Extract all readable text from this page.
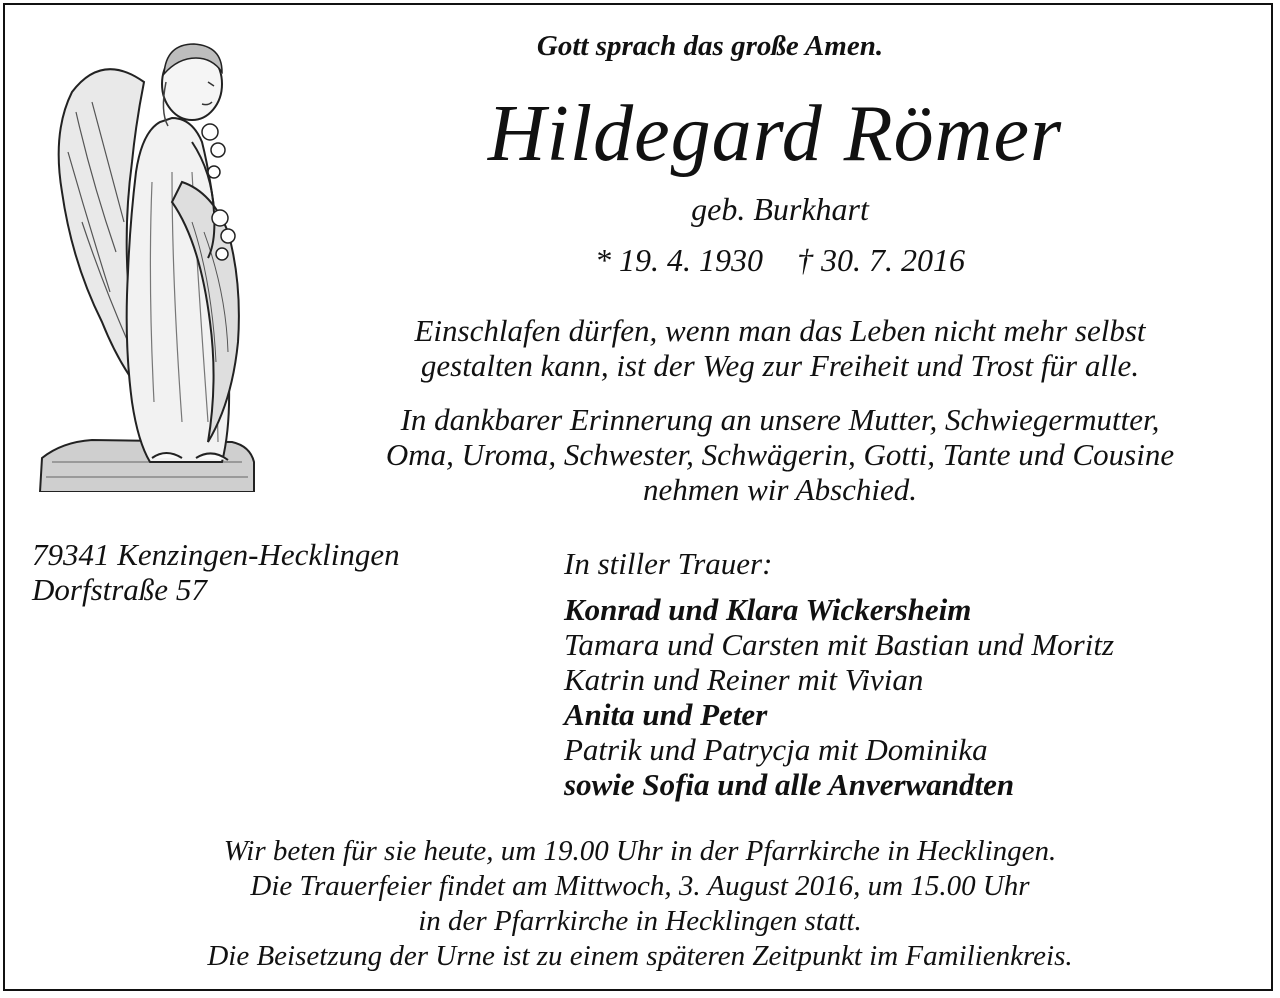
Gott sprach das große Amen.
Hildegard Römer
geb. Burkhart
* 19. 4. 1930 † 30. 7. 2016
Einschlafen dürfen, wenn man das Leben nicht mehr selbst
gestalten kann, ist der Weg zur Freiheit und Trost für alle.
In dankbarer Erinnerung an unsere Mutter, Schwiegermutter,
Oma, Uroma, Schwester, Schwägerin, Gotti, Tante und Cousine
nehmen wir Abschied.
79341 Kenzingen-Hecklingen
Dorfstraße 57
In stiller Trauer:
Konrad und Klara Wickersheim
Tamara und Carsten mit Bastian und Moritz
Katrin und Reiner mit Vivian
Anita und Peter
Patrik und Patrycja mit Dominika
sowie Sofia und alle Anverwandten
Wir beten für sie heute, um 19.00 Uhr in der Pfarrkirche in Hecklingen.
Die Trauerfeier findet am Mittwoch, 3. August 2016, um 15.00 Uhr
in der Pfarrkirche in Hecklingen statt.
Die Beisetzung der Urne ist zu einem späteren Zeitpunkt im Familienkreis.
